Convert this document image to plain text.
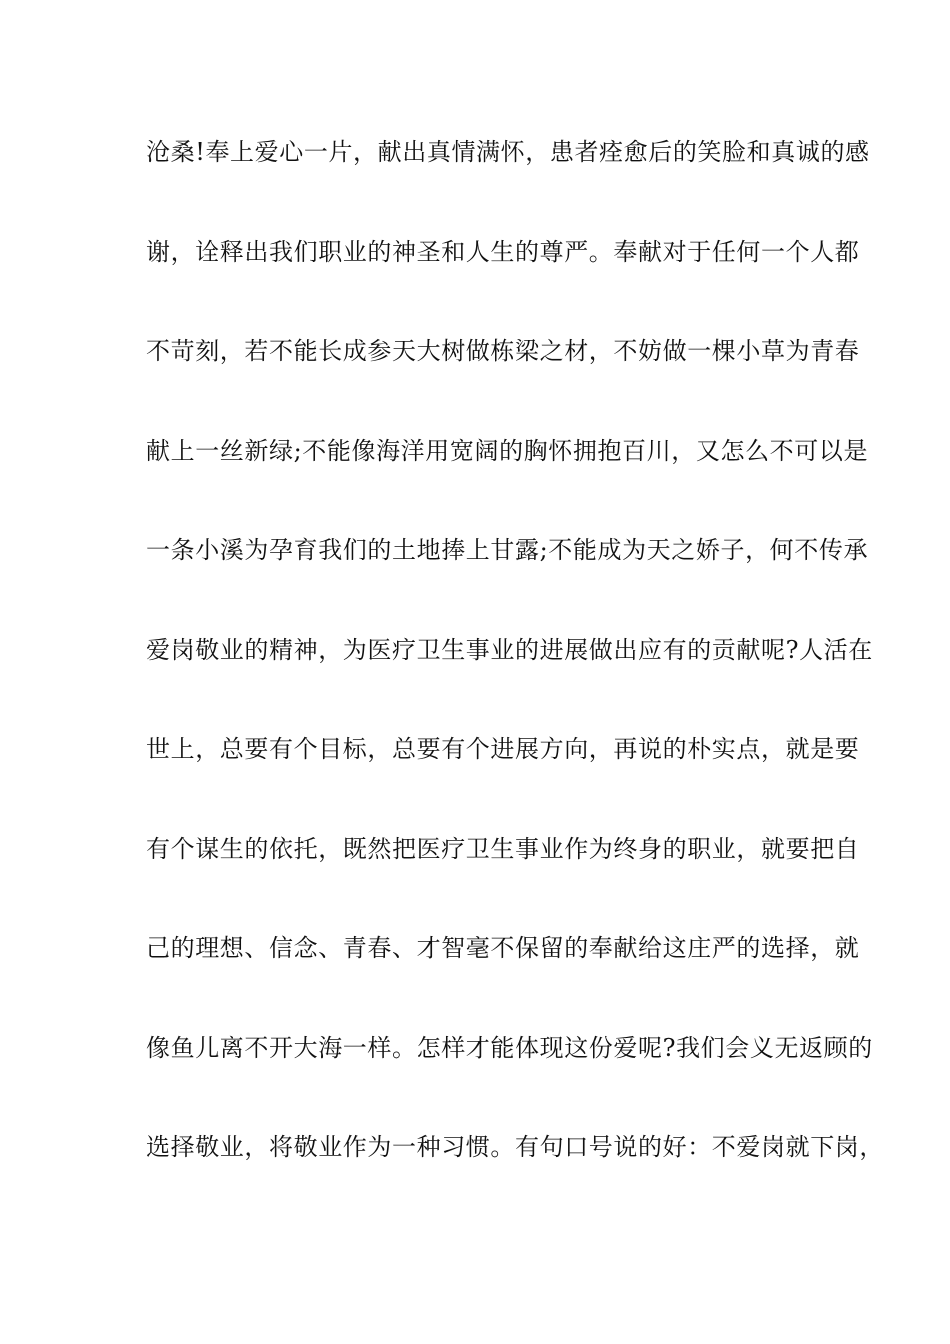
沧桑!奉上爱心一片，献出真情满怀，患者痊愈后的笑脸和真诚的感
谢，诠释出我们职业的神圣和人生的尊严。奉献对于任何一个人都
不苛刻，若不能长成参天大树做栋梁之材，不妨做一棵小草为青春
献上一丝新绿;不能像海洋用宽阔的胸怀拥抱百川，又怎么不可以是
一条小溪为孕育我们的土地捧上甘露;不能成为天之娇子，何不传承
爱岗敬业的精神，为医疗卫生事业的进展做出应有的贡献呢?人活在
世上，总要有个目标，总要有个进展方向，再说的朴实点，就是要
有个谋生的依托，既然把医疗卫生事业作为终身的职业，就要把自
己的理想、信念、青春、才智毫不保留的奉献给这庄严的选择，就
像鱼儿离不开大海一样。怎样才能体现这份爱呢?我们会义无返顾的
选择敬业，将敬业作为一种习惯。有句口号说的好：不爱岗就下岗，
